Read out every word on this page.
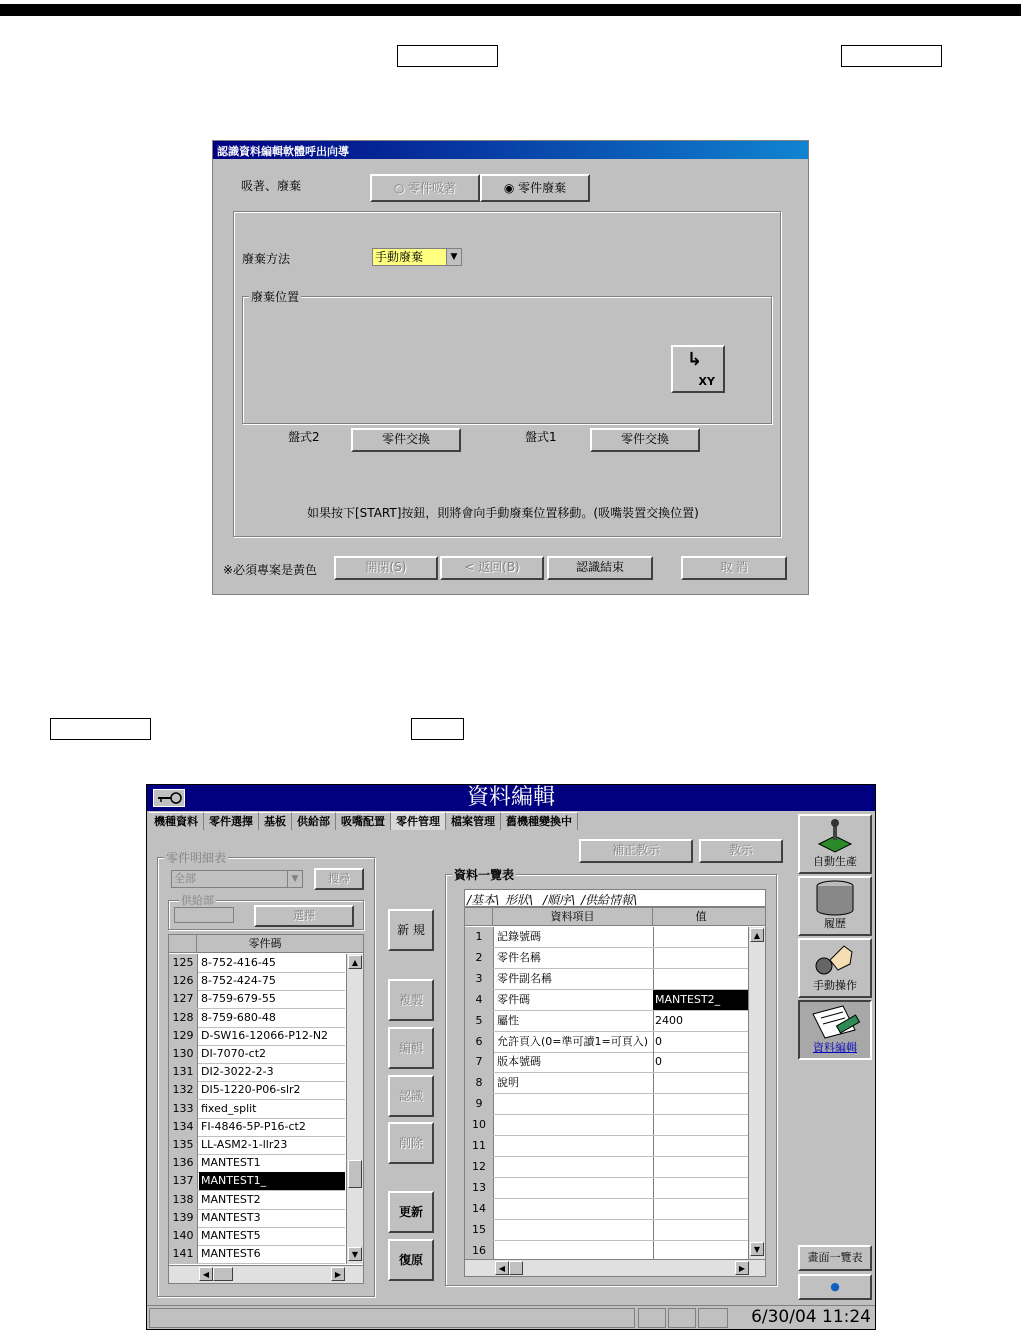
認識資料編輯軟體呼出向導
吸著、廢棄	○ 零件吸著	◉ 零件廢棄
廢棄方法	手動廢棄	▼
廢棄位置
↳
XY
盤式2	零件交換	盤式1	零件交換
如果按下[START]按鈕，則將會向手動廢棄位置移動。(吸嘴裝置交換位置)
※必須專案是黃色	開閉(S)	< 返回(B)	認識結束	取 消
資料編輯
機種資料	零件選擇	基板	供給部	吸嘴配置	零件管理	檔案管理	舊機種變換中
零件明細表
全部	▼	搜尋
供給部
選擇
零件碼
125 8-752-416-45
126 8-752-424-75
127 8-759-679-55
128 8-759-680-48
129 D-SW16-12066-P12-N2
130 DI-7070-ct2
131 DI2-3022-2-3
132 DI5-1220-P06-slr2
133 fixed_split
134 FI-4846-5P-P16-ct2
135 LL-ASM2-1-llr23
136 MANTEST1
137 MANTEST1_
138 MANTEST2
139 MANTEST3
140 MANTEST5
141 MANTEST6
▲
▼
◀	▶
新 規
複製
編輯
認識
削除
更新
復原
補正教示	教示
資料一覽表
/基本\ 形狀\ /順序\ /供給情報\
資料項目	值
1	記錄號碼
2	零件名稱
3	零件副名稱
4	零件碼	MANTEST2_
5	屬性	2400
6	允許頁入(0=準可讀1=可頁入) 0
7	版本號碼	0
8	說明
9
10
11
12
13
14
15
16
▲
▼
◀	▶
自動生產
履歷
手動操作
資料編輯
畫面一覽表
●
6/30/04 11:24
